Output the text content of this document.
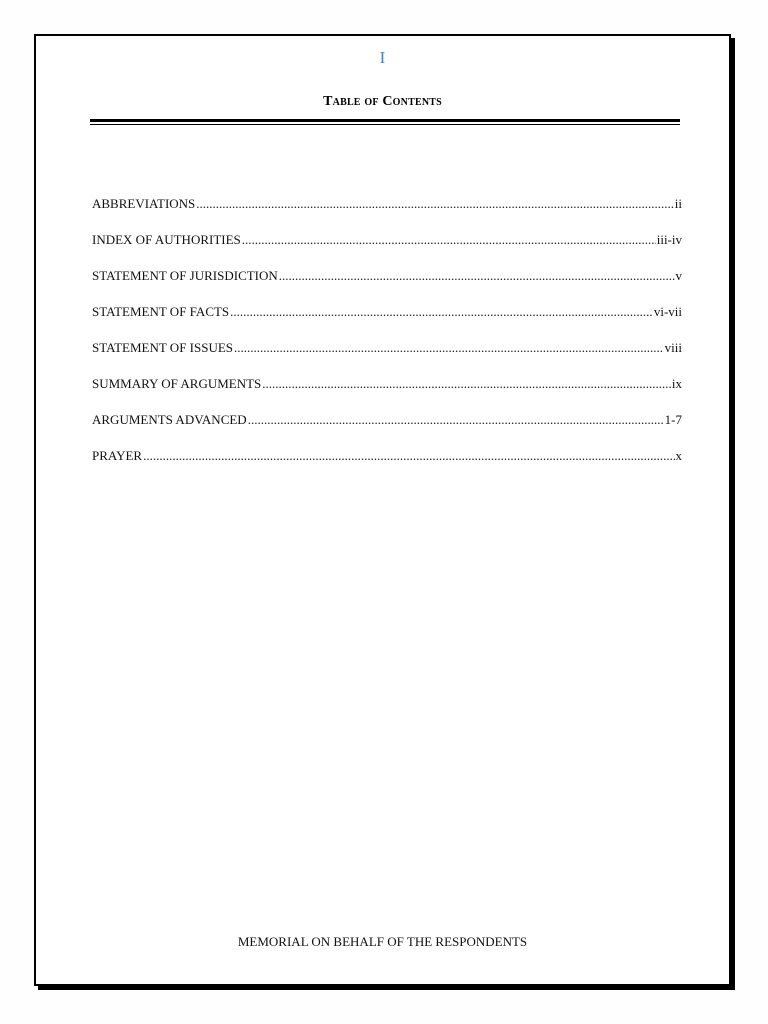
I
Table of Contents
ABBREVIATIONS .....	ii
INDEX OF AUTHORITIES .....	iii-iv
STATEMENT OF JURISDICTION .....	v
STATEMENT OF FACTS .....	vi-vii
STATEMENT OF ISSUES .....	viii
SUMMARY OF ARGUMENTS .....	ix
ARGUMENTS ADVANCED .....	1-7
PRAYER .....	x
MEMORIAL ON BEHALF OF THE RESPONDENTS
